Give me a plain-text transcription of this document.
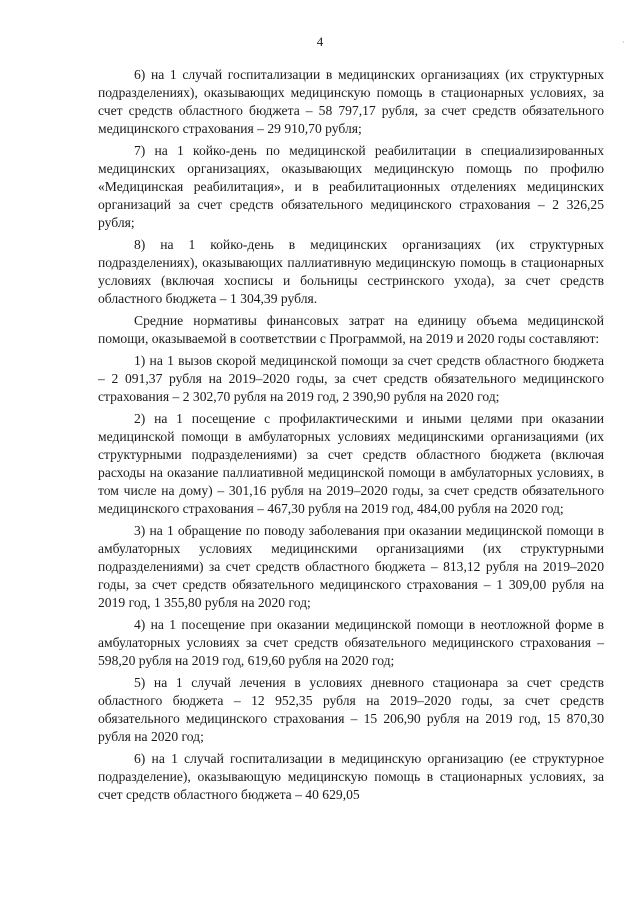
4	·

6) на 1 случай госпитализации в медицинских организациях (их структурных подразделениях), оказывающих медицинскую помощь в стационарных условиях, за счет средств областного бюджета – 58 797,17 рубля, за счет средств обязательного медицинского страхования – 29 910,70 рубля;

7) на 1 койко-день по медицинской реабилитации в специализированных медицинских организациях, оказывающих медицинскую помощь по профилю «Медицинская реабилитация», и в реабилитационных отделениях медицинских организаций за счет средств обязательного медицинского страхования – 2 326,25 рубля;

8) на 1 койко-день в медицинских организациях (их структурных подразделениях), оказывающих паллиативную медицинскую помощь в стационарных условиях (включая хосписы и больницы сестринского ухода), за счет средств областного бюджета – 1 304,39 рубля.

Средние нормативы финансовых затрат на единицу объема медицинской помощи, оказываемой в соответствии с Программой, на 2019 и 2020 годы составляют:

1) на 1 вызов скорой медицинской помощи за счет средств областного бюджета – 2 091,37 рубля на 2019–2020 годы, за счет средств обязательного медицинского страхования – 2 302,70 рубля на 2019 год, 2 390,90 рубля на 2020 год;

2) на 1 посещение с профилактическими и иными целями при оказании медицинской помощи в амбулаторных условиях медицинскими организациями (их структурными подразделениями) за счет средств областного бюджета (включая расходы на оказание паллиативной медицинской помощи в амбулаторных условиях, в том числе на дому) – 301,16 рубля на 2019–2020 годы, за счет средств обязательного медицинского страхования – 467,30 рубля на 2019 год, 484,00 рубля на 2020 год;

3) на 1 обращение по поводу заболевания при оказании медицинской помощи в амбулаторных условиях медицинскими организациями (их структурными подразделениями) за счет средств областного бюджета – 813,12 рубля на 2019–2020 годы, за счет средств обязательного медицинского страхования – 1 309,00 рубля на 2019 год, 1 355,80 рубля на 2020 год;

4) на 1 посещение при оказании медицинской помощи в неотложной форме в амбулаторных условиях за счет средств обязательного медицинского страхования – 598,20 рубля на 2019 год, 619,60 рубля на 2020 год;

5) на 1 случай лечения в условиях дневного стационара за счет средств областного бюджета – 12 952,35 рубля на 2019–2020 годы, за счет средств обязательного медицинского страхования – 15 206,90 рубля на 2019 год, 15 870,30 рубля на 2020 год;

6) на 1 случай госпитализации в медицинскую организацию (ее структурное подразделение), оказывающую медицинскую помощь в стационарных условиях, за счет средств областного бюджета – 40 629,05
